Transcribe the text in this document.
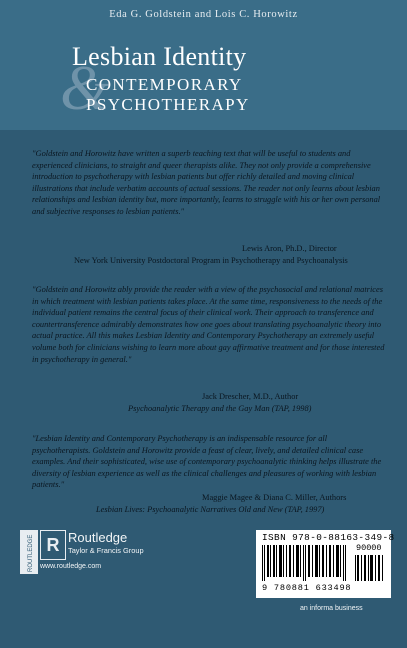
Eda G. Goldstein and Lois C. Horowitz
&
Lesbian Identity
CONTEMPORARY
PSYCHOTHERAPY
"Goldstein and Horowitz have written a superb teaching text that will be useful to students and experienced clinicians, to straight and queer therapists alike. They not only provide a comprehensive introduction to psychotherapy with lesbian patients but offer richly detailed and moving clinical illustrations that include verbatim accounts of actual sessions. The reader not only learns about lesbian relationships and lesbian identity but, more importantly, learns to struggle with his or her own personal and subjective responses to lesbian patients."
Lewis Aron, Ph.D., Director
New York University Postdoctoral Program in Psychotherapy and Psychoanalysis
"Goldstein and Horowitz ably provide the reader with a view of the psychosocial and relational matrices in which treatment with lesbian patients takes place. At the same time, responsiveness to the needs of the individual patient remains the central focus of their clinical work. Their approach to transference and countertransference admirably demonstrates how one goes about translating psychoanalytic theory into actual practice. All this makes Lesbian Identity and Contemporary Psychotherapy an extremely useful volume both for clinicians wishing to learn more about gay affirmative treatment and for those interested in psychotherapy in general."
Jack Drescher, M.D., Author
Psychoanalytic Therapy and the Gay Man (TAP, 1998)
"Lesbian Identity and Contemporary Psychotherapy is an indispensable resource for all psychotherapists. Goldstein and Horowitz provide a feast of clear, lively, and detailed clinical case examples. And their sophisticated, wise use of contemporary psychoanalytic thinking helps illustrate the diversity of lesbian experience as well as the clinical challenges and pleasures of working with lesbian patients."
Maggie Magee & Diana C. Miller, Authors
Lesbian Lives: Psychoanalytic Narratives Old and New (TAP, 1997)
ROUTLEDGE R Routledge
Taylor & Francis Group
www.routledge.com
ISBN 978-0-88163-349-8
90000
9 780881 633498
an informa business
